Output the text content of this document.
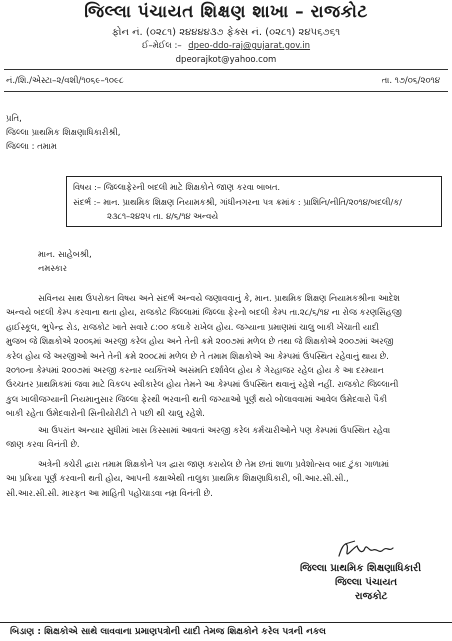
જિલ્લા પંચાયત શિક્ષણ શાખા – રાજકોટ
ફોન નં. (૦૨૮૧) ૨૪૪૪૪૩૭ ફેક્સ નં. (૦૨૮૧) ૨૪૫૬૭૬૧
ઈ–મેઈલ :– dpeo-ddo-raj@gujarat.gov.in
dpeorajkot@yahoo.com
નં./શિ./એસ્ટા–૨/વશી/૧૦૬૯–૧૦૯૮	તા. ૧૭/૦૬/૨૦૧૪
પ્રતિ,
જિલ્લા પ્રાથમિક શિક્ષણાધિકારીશ્રી,
જિલ્લા : તમામ
વિષય :– જિલ્લાફેરની બદલી માટે શિક્ષકોને જાણ કરવા બાબત.
સંદર્ભ :– માન. પ્રાથમિક શિક્ષણ નિયામકશ્રી, ગાંધીનગરના પત્ર ક્રમાંક : પ્રાશિનિ/નીતિ/૨૦૧૪/બદલી/ક/
૨૩૮૧–૨૪૨૫ તા. ૪/૬/૧૪ અન્વયે
માન. સાહેબશ્રી,
નમસ્કાર
સવિનય સાથ ઉપરોક્ત વિષય અને સંદર્ભ અન્વયે જણાવવાનું કે, માન. પ્રાથમિક શિક્ષણ નિયામકશ્રીના આદેશ
અન્વયે બદલી કેમ્પ કરવાના થતા હોય, રાજકોટ જિલ્લામાં જિલ્લા ફેરનો બદલી કેમ્પ તા.૨૮/૬/૧૪ ના રોજ કરણસિંહજી
હાઈસ્કૂલ, ભુપેન્દ્ર રોડ, રાજકોટ ખાતે સવારે ૮:૦૦ કલાકે રાખેલ હોય. જગ્યાના પ્રમાણમાં ચાલુ બાકી ખેંચાતી યાદી
મુજબ જે શિક્ષકોએ ૨૦૦૬માં અરજી કરેલ હોય અને તેની ક્રમે ૨૦૦૭માં મળેલ છે તથા જે શિક્ષકોએ ૨૦૦૭માં અરજી
કરેલ હોય જે અરજીઓ અને તેની ક્રમે ૨૦૦૮માં મળેલ છે તે તમામ શિક્ષકોએ આ કેમ્પમાં ઉપસ્થિત રહેવાનું થાય છે.
૨૦૧૦ના કેમ્પમાં ૨૦૦૭માં અરજી કરનાર વ્યક્તિએ અસંમતિ દર્શાવેલ હોય કે ગેરહાજર રહેલ હોય કે આ દરમ્યાન
ઉચ્ચતર પ્રાથમિકમાં જવા માટે વિકલ્પ સ્વીકારેલ હોય તેમને આ કેમ્પમાં ઉપસ્થિત થવાનું રહેશે નહીં. રાજકોટ જિલ્લાની
કુલ ખાલીજગ્યાની નિયમાનુસાર જિલ્લા ફેરથી ભરવાની થતી જગ્યાઓ પૂર્ણ થયે બોલાવવામાં આવેલ ઉમેદવારો પૈકી
બાકી રહેતા ઉમેદવારોની સિનીયોરીટી તે પછી થી ચાલુ રહેશે.
આ ઉપરાંત અન્યાર સુધીમાં ખાસ કિસ્સામાં આવતાં અરજી કરેલ કર્મચારીઓને પણ કેમ્પમાં ઉપસ્થિત રહેવા
જાણ કરવા વિનંતી છે.
અત્રેની ક્ચેરી દ્વારા તમામ શિક્ષકોને પત્ર દ્વારા જાણ કરાયેલ છે તેમ છતાં શાળા પ્રવેશોત્સવ બાદ ટુંકા ગાળામાં
આ પ્રક્રિયા પૂર્ણ કરવાની થતી હોય, આપની કક્ષાએથી તાલુકા પ્રાથમિક શિક્ષણાધિકારી, બી.આર.સી.સી.,
સી.આર.સી.સી. મારફત આ માહિતી પહોંચાડવા નમ્ર વિનંતી છે.
જિલ્લા પ્રાથમિક શિક્ષણાધિકારી
જિલ્લા પંચાયત
રાજકોટ
બિડાણ : શિક્ષકોએ સાથે લાવવાના પ્રમાણપત્રોની યાદી તેમજ શિક્ષકોને કરેલ પત્રની નકલ
